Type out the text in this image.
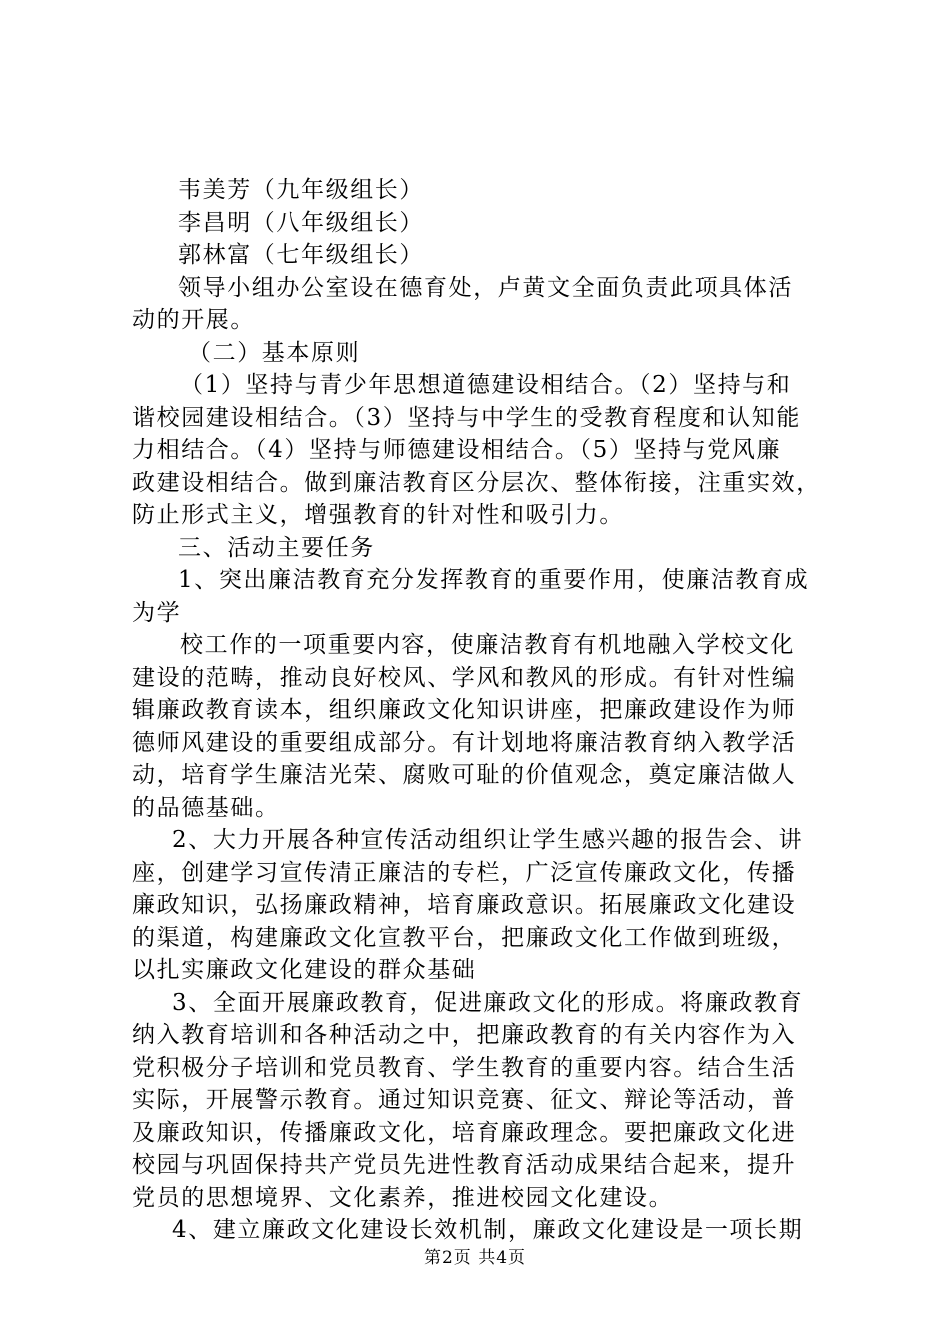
韦美芳（九年级组长）
李昌明（八年级组长）
郭林富（七年级组长）
领导小组办公室设在德育处，卢黄文全面负责此项具体活
动的开展。
（二）基本原则
（1）坚持与青少年思想道德建设相结合。（2）坚持与和
谐校园建设相结合。（3）坚持与中学生的受教育程度和认知能
力相结合。（4）坚持与师德建设相结合。（5）坚持与党风廉
政建设相结合。做到廉洁教育区分层次、整体衔接，注重实效，
防止形式主义，增强教育的针对性和吸引力。
三、活动主要任务
1、突出廉洁教育充分发挥教育的重要作用，使廉洁教育成
为学
校工作的一项重要内容，使廉洁教育有机地融入学校文化
建设的范畴，推动良好校风、学风和教风的形成。有针对性编
辑廉政教育读本，组织廉政文化知识讲座，把廉政建设作为师
德师风建设的重要组成部分。有计划地将廉洁教育纳入教学活
动，培育学生廉洁光荣、腐败可耻的价值观念，奠定廉洁做人
的品德基础。
2、大力开展各种宣传活动组织让学生感兴趣的报告会、讲
座，创建学习宣传清正廉洁的专栏，广泛宣传廉政文化，传播
廉政知识，弘扬廉政精神，培育廉政意识。拓展廉政文化建设
的渠道，构建廉政文化宣教平台，把廉政文化工作做到班级，
以扎实廉政文化建设的群众基础
3、全面开展廉政教育，促进廉政文化的形成。将廉政教育
纳入教育培训和各种活动之中，把廉政教育的有关内容作为入
党积极分子培训和党员教育、学生教育的重要内容。结合生活
实际，开展警示教育。通过知识竞赛、征文、辩论等活动，普
及廉政知识，传播廉政文化，培育廉政理念。要把廉政文化进
校园与巩固保持共产党员先进性教育活动成果结合起来，提升
党员的思想境界、文化素养，推进校园文化建设。
4、建立廉政文化建设长效机制，廉政文化建设是一项长期
第2页 共4页
